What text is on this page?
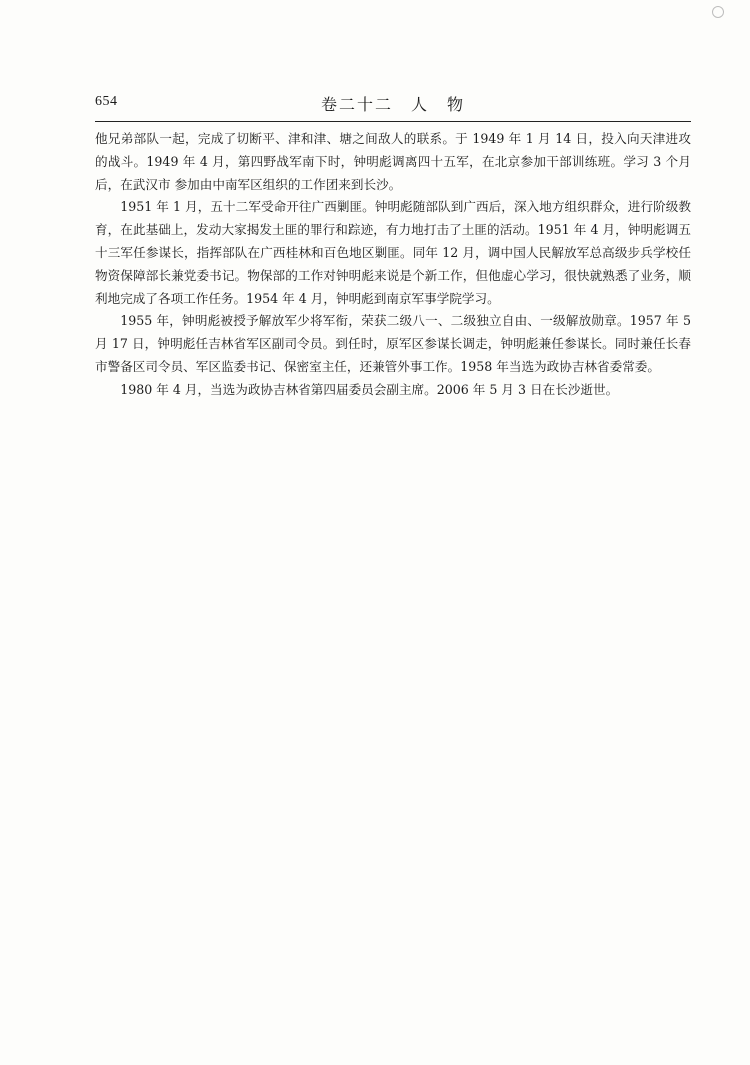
654	卷二十二　人　物

他兄弟部队一起，完成了切断平、津和津、塘之间敌人的联系。于 1949 年 1 月 14 日，投入向天津进攻的战斗。1949 年 4 月，第四野战军南下时，钟明彪调离四十五军，在北京参加干部训练班。学习 3 个月后，在武汉市 参加由中南军区组织的工作团来到长沙。

1951 年 1 月，五十二军受命开往广西剿匪。钟明彪随部队到广西后，深入地方组织群众，进行阶级教育，在此基础上，发动大家揭发土匪的罪行和踪迹，有力地打击了土匪的活动。1951 年 4 月，钟明彪调五十三军任参谋长，指挥部队在广西桂林和百色地区剿匪。同年 12 月，调中国人民解放军总高级步兵学校任物资保障部长兼党委书记。物保部的工作对钟明彪来说是个新工作，但他虚心学习，很快就熟悉了业务，顺利地完成了各项工作任务。1954 年 4 月，钟明彪到南京军事学院学习。

1955 年，钟明彪被授予解放军少将军衔，荣获二级八一、二级独立自由、一级解放勋章。1957 年 5 月 17 日，钟明彪任吉林省军区副司令员。到任时，原军区参谋长调走，钟明彪兼任参谋长。同时兼任长春市警备区司令员、军区监委书记、保密室主任，还兼管外事工作。1958 年当选为政协吉林省委常委。

1980 年 4 月，当选为政协吉林省第四届委员会副主席。2006 年 5 月 3 日在长沙逝世。
